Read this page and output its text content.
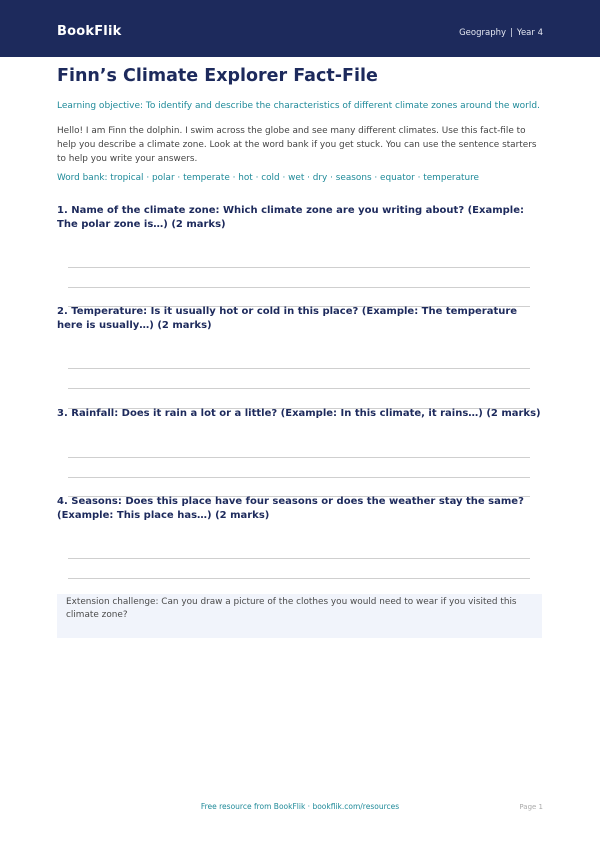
BookFlik	Geography | Year 4
Finn’s Climate Explorer Fact-File

Learning objective: To identify and describe the characteristics of different climate zones around the world.

Hello! I am Finn the dolphin. I swim across the globe and see many different climates. Use this fact-file to help you describe a climate zone. Look at the word bank if you get stuck. You can use the sentence starters to help you write your answers.

Word bank: tropical · polar · temperate · hot · cold · wet · dry · seasons · equator · temperature

1. Name of the climate zone: Which climate zone are you writing about? (Example: The polar zone is…) (2 marks)

2. Temperature: Is it usually hot or cold in this place? (Example: The temperature here is usually…) (2 marks)

3. Rainfall: Does it rain a lot or a little? (Example: In this climate, it rains…) (2 marks)

4. Seasons: Does this place have four seasons or does the weather stay the same? (Example: This place has…) (2 marks)

Extension challenge: Can you draw a picture of the clothes you would need to wear if you visited this climate zone?
Free resource from BookFlik · bookflik.com/resources	Page 1
